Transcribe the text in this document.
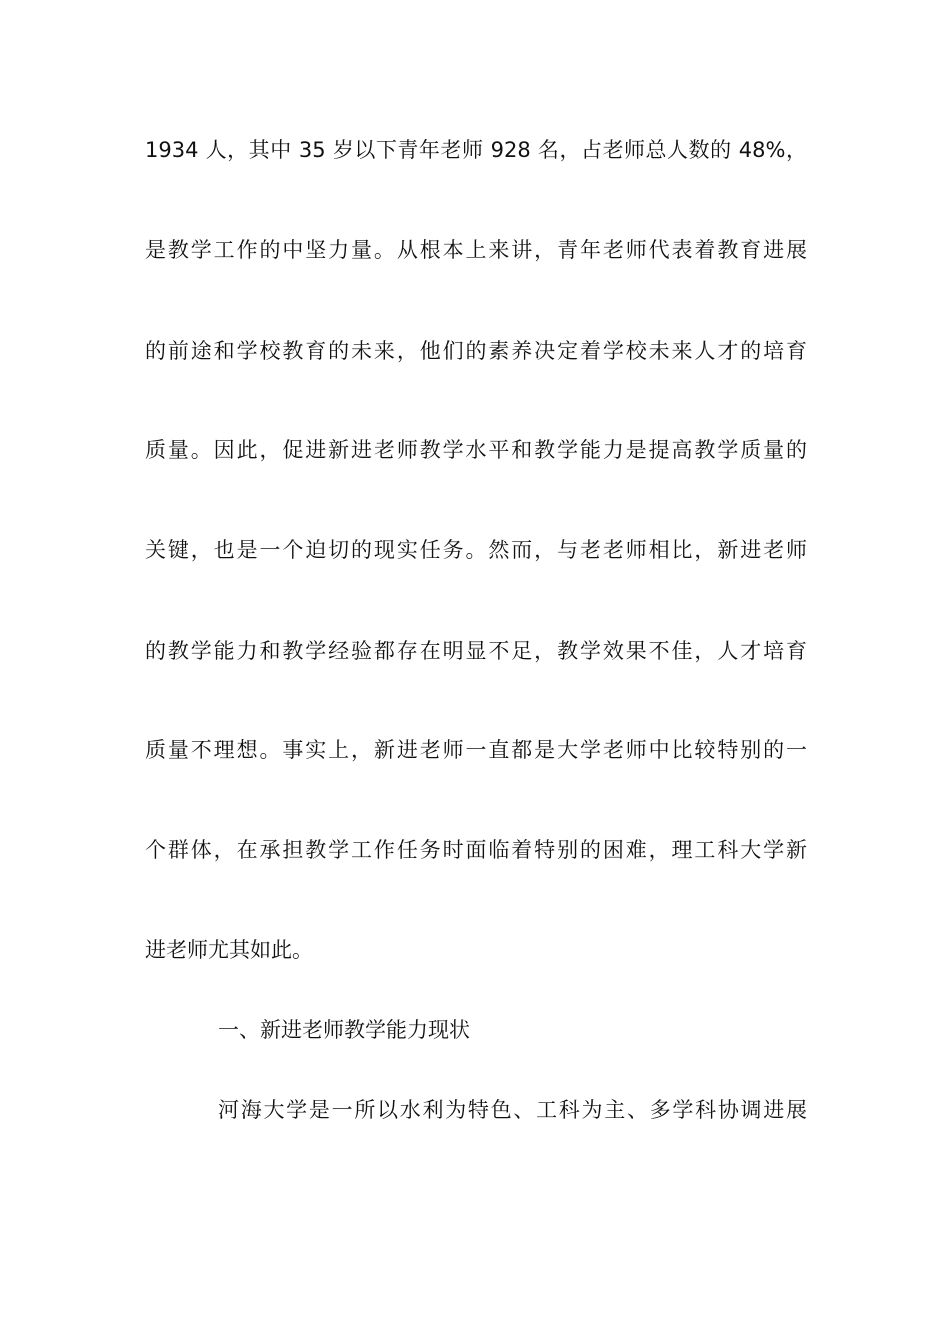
1934 人，其中 35 岁以下青年老师 928 名，占老师总人数的 48%，
是教学工作的中坚力量。从根本上来讲，青年老师代表着教育进展
的前途和学校教育的未来，他们的素养决定着学校未来人才的培育
质量。因此，促进新进老师教学水平和教学能力是提高教学质量的
关键，也是一个迫切的现实任务。然而，与老老师相比，新进老师
的教学能力和教学经验都存在明显不足，教学效果不佳，人才培育
质量不理想。事实上，新进老师一直都是大学老师中比较特别的一
个群体，在承担教学工作任务时面临着特别的困难，理工科大学新
进老师尤其如此。
一、新进老师教学能力现状
河海大学是一所以水利为特色、工科为主、多学科协调进展
